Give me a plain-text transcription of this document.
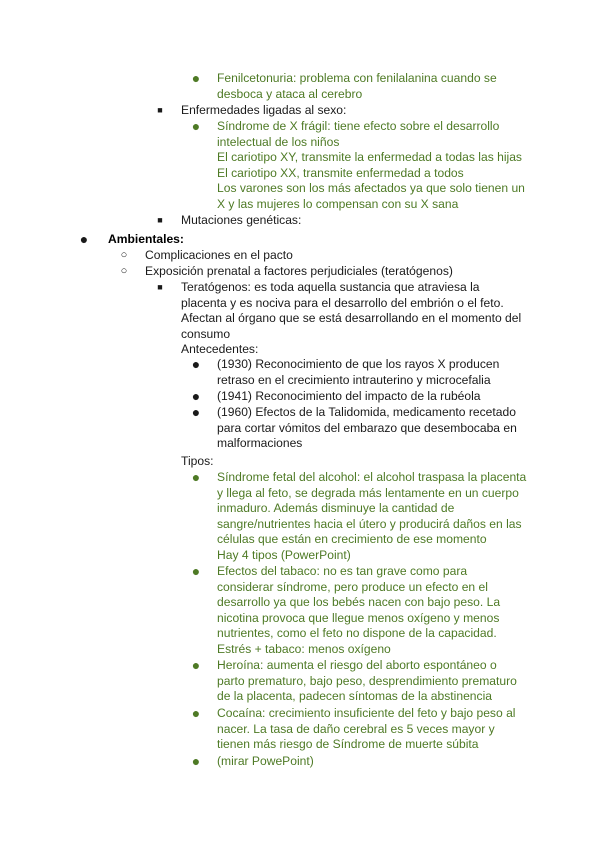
●	Fenilcetonuria: problema con fenilalanina cuando se
desboca y ataca al cerebro
■	Enfermedades ligadas al sexo:
●	Síndrome de X frágil: tiene efecto sobre el desarrollo
intelectual de los niños
El cariotipo XY, transmite la enfermedad a todas las hijas
El cariotipo XX, transmite enfermedad a todos
Los varones son los más afectados ya que solo tienen un
X y las mujeres lo compensan con su X sana
■	Mutaciones genéticas:
●	Ambientales:
○	Complicaciones en el pacto
○	Exposición prenatal a factores perjudiciales (teratógenos)
■	Teratógenos: es toda aquella sustancia que atraviesa la
placenta y es nociva para el desarrollo del embrión o el feto.
Afectan al órgano que se está desarrollando en el momento del
consumo
Antecedentes:
●	(1930) Reconocimiento de que los rayos X producen
retraso en el crecimiento intrauterino y microcefalia
●	(1941) Reconocimiento del impacto de la rubéola
●	(1960) Efectos de la Talidomida, medicamento recetado
para cortar vómitos del embarazo que desembocaba en
malformaciones
Tipos:
●	Síndrome fetal del alcohol: el alcohol traspasa la placenta
y llega al feto, se degrada más lentamente en un cuerpo
inmaduro. Además disminuye la cantidad de
sangre/nutrientes hacia el útero y producirá daños en las
células que están en crecimiento de ese momento
Hay 4 tipos (PowerPoint)
●	Efectos del tabaco: no es tan grave como para
considerar síndrome, pero produce un efecto en el
desarrollo ya que los bebés nacen con bajo peso. La
nicotina provoca que llegue menos oxígeno y menos
nutrientes, como el feto no dispone de la capacidad.
Estrés + tabaco: menos oxígeno
●	Heroína: aumenta el riesgo del aborto espontáneo o
parto prematuro, bajo peso, desprendimiento prematuro
de la placenta, padecen síntomas de la abstinencia
●	Cocaína: crecimiento insuficiente del feto y bajo peso al
nacer. La tasa de daño cerebral es 5 veces mayor y
tienen más riesgo de Síndrome de muerte súbita
●	(mirar PowePoint)
